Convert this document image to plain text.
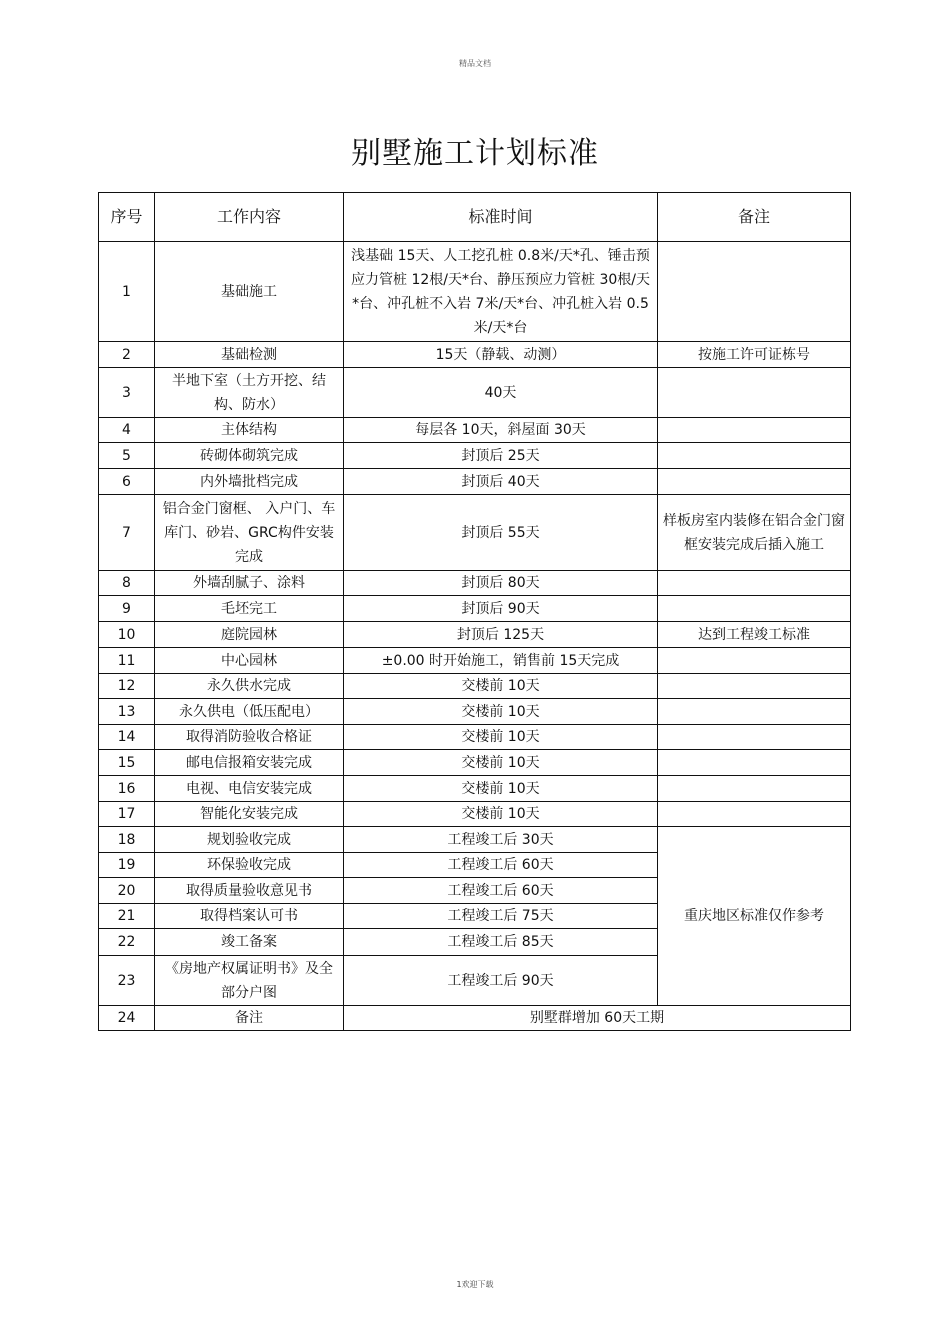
精品文档
别墅施工计划标准
序号	工作内容	标准时间	备注
1	基础施工	浅基础 15天、人工挖孔桩 0.8米/天*孔、锤击预应力管桩 12根/天*台、静压预应力管桩 30根/天*台、冲孔桩不入岩 7米/天*台、冲孔桩入岩 0.5米/天*台	
2	基础检测	15天（静载、动测）	按施工许可证栋号
3	半地下室（土方开挖、结构、防水）	40天	
4	主体结构	每层各 10天，斜屋面 30天	
5	砖砌体砌筑完成	封顶后 25天	
6	内外墙批档完成	封顶后 40天	
7	铝合金门窗框、 入户门、车库门、砂岩、GRC构件安装完成	封顶后 55天	样板房室内装修在铝合金门窗框安装完成后插入施工
8	外墙刮腻子、涂料	封顶后 80天	
9	毛坯完工	封顶后 90天	
10	庭院园林	封顶后 125天	达到工程竣工标准
11	中心园林	±0.00 时开始施工，销售前 15天完成	
12	永久供水完成	交楼前 10天	
13	永久供电（低压配电）	交楼前 10天	
14	取得消防验收合格证	交楼前 10天	
15	邮电信报箱安装完成	交楼前 10天	
16	电视、电信安装完成	交楼前 10天	
17	智能化安装完成	交楼前 10天	
18	规划验收完成	工程竣工后 30天	重庆地区标准仅作参考
19	环保验收完成	工程竣工后 60天	
20	取得质量验收意见书	工程竣工后 60天	
21	取得档案认可书	工程竣工后 75天	
22	竣工备案	工程竣工后 85天	
23	《房地产权属证明书》及全部分户图	工程竣工后 90天	
24	备注	别墅群增加 60天工期	
1欢迎下载
